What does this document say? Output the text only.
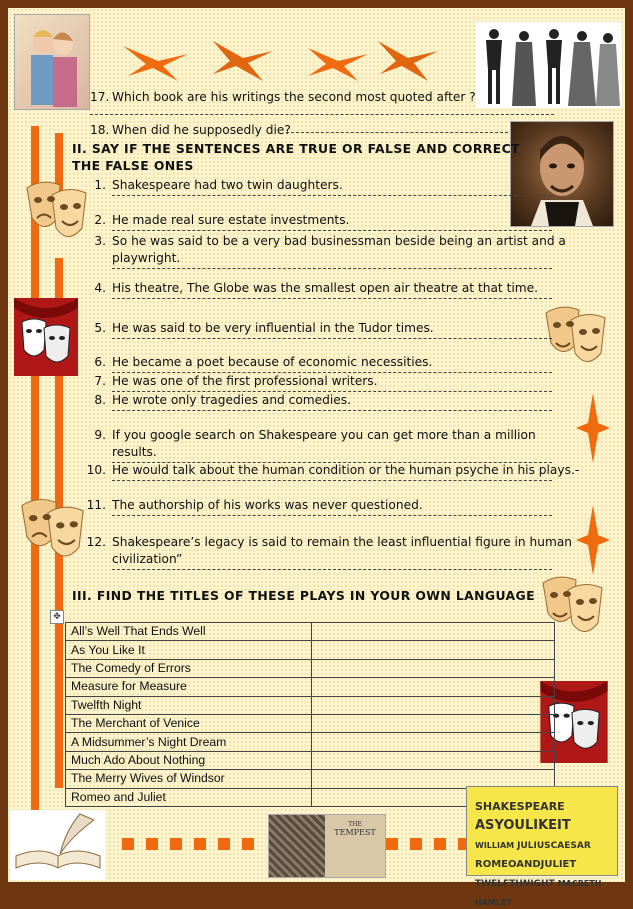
17. Which book are his writings the second most quoted after ?
18. When did he supposedly die?
II. SAY IF THE SENTENCES ARE TRUE OR FALSE AND CORRECT
THE FALSE ONES
1. Shakespeare had two twin daughters.
2. He made real sure estate investments.
3. So he was said to be a very bad businessman beside being an artist and a
playwright.
4. His theatre, The Globe was the smallest open air theatre at that time.
5. He was said to be very influential in the Tudor times.
6. He became a poet because of economic necessities.
7. He was one of the first professional writers.
8. He wrote only tragedies and comedies.
9. If you google search on Shakespeare you can get more than a million
results.
10. He would talk about the human condition or the human psyche in his plays.-
11. The authorship of his works was never questioned.
12. Shakespeare’s legacy is said to remain the least influential figure in human
civilization”
III. FIND THE TITLES OF THESE PLAYS IN YOUR OWN LANGUAGE
✥
All’s Well That Ends Well	
As You Like It	
The Comedy of Errors	
Measure for Measure	
Twelfth Night	
The Merchant of Venice	
A Midsummer’s Night Dream	
Much Ado About Nothing	
The Merry Wives of Windsor	
Romeo and Juliet	
THE
TEMPEST
SHAKESPEAREASYOULIKEITWILLIAM JULIUSCAESARROMEOANDJULIETTWELFTHNIGHT MACBETHHAMLET
